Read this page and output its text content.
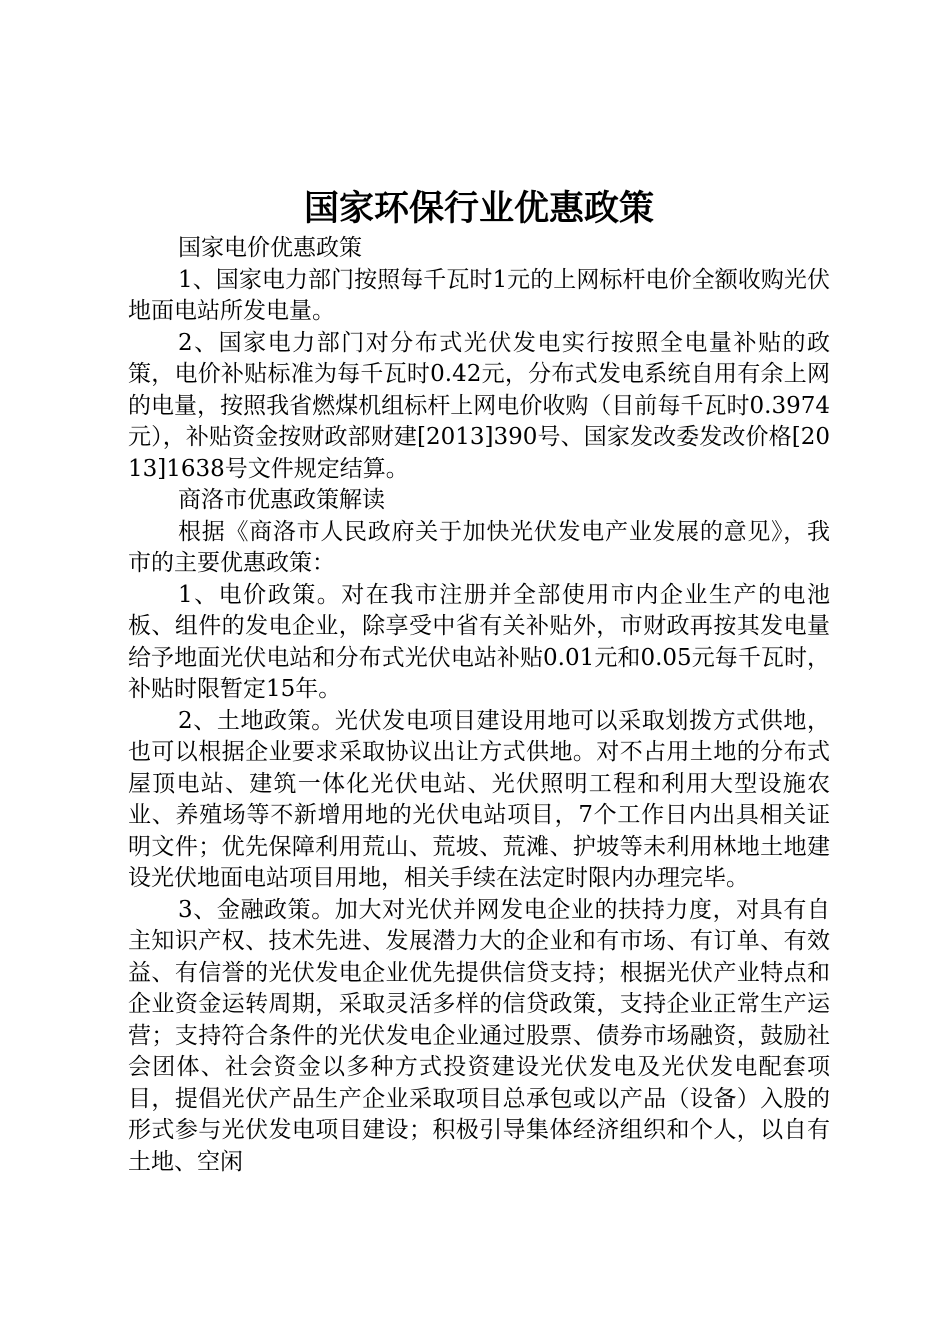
国家环保行业优惠政策

国家电价优惠政策

1、国家电力部门按照每千瓦时1元的上网标杆电价全额收购光伏地面电站所发电量。

2、国家电力部门对分布式光伏发电实行按照全电量补贴的政策，电价补贴标准为每千瓦时0.42元，分布式发电系统自用有余上网的电量，按照我省燃煤机组标杆上网电价收购（目前每千瓦时0.3974元），补贴资金按财政部财建[2013]390号、国家发改委发改价格[2013]1638号文件规定结算。

商洛市优惠政策解读

根据《商洛市人民政府关于加快光伏发电产业发展的意见》，我市的主要优惠政策：

1、电价政策。对在我市注册并全部使用市内企业生产的电池板、组件的发电企业，除享受中省有关补贴外，市财政再按其发电量给予地面光伏电站和分布式光伏电站补贴0.01元和0.05元每千瓦时，补贴时限暂定15年。

2、土地政策。光伏发电项目建设用地可以采取划拨方式供地，也可以根据企业要求采取协议出让方式供地。对不占用土地的分布式屋顶电站、建筑一体化光伏电站、光伏照明工程和利用大型设施农业、养殖场等不新增用地的光伏电站项目，7个工作日内出具相关证明文件；优先保障利用荒山、荒坡、荒滩、护坡等未利用林地土地建设光伏地面电站项目用地，相关手续在法定时限内办理完毕。

3、金融政策。加大对光伏并网发电企业的扶持力度，对具有自主知识产权、技术先进、发展潜力大的企业和有市场、有订单、有效益、有信誉的光伏发电企业优先提供信贷支持；根据光伏产业特点和企业资金运转周期，采取灵活多样的信贷政策，支持企业正常生产运营；支持符合条件的光伏发电企业通过股票、债券市场融资，鼓励社会团体、社会资金以多种方式投资建设光伏发电及光伏发电配套项目，提倡光伏产品生产企业采取项目总承包或以产品（设备）入股的形式参与光伏发电项目建设；积极引导集体经济组织和个人，以自有土地、空闲
